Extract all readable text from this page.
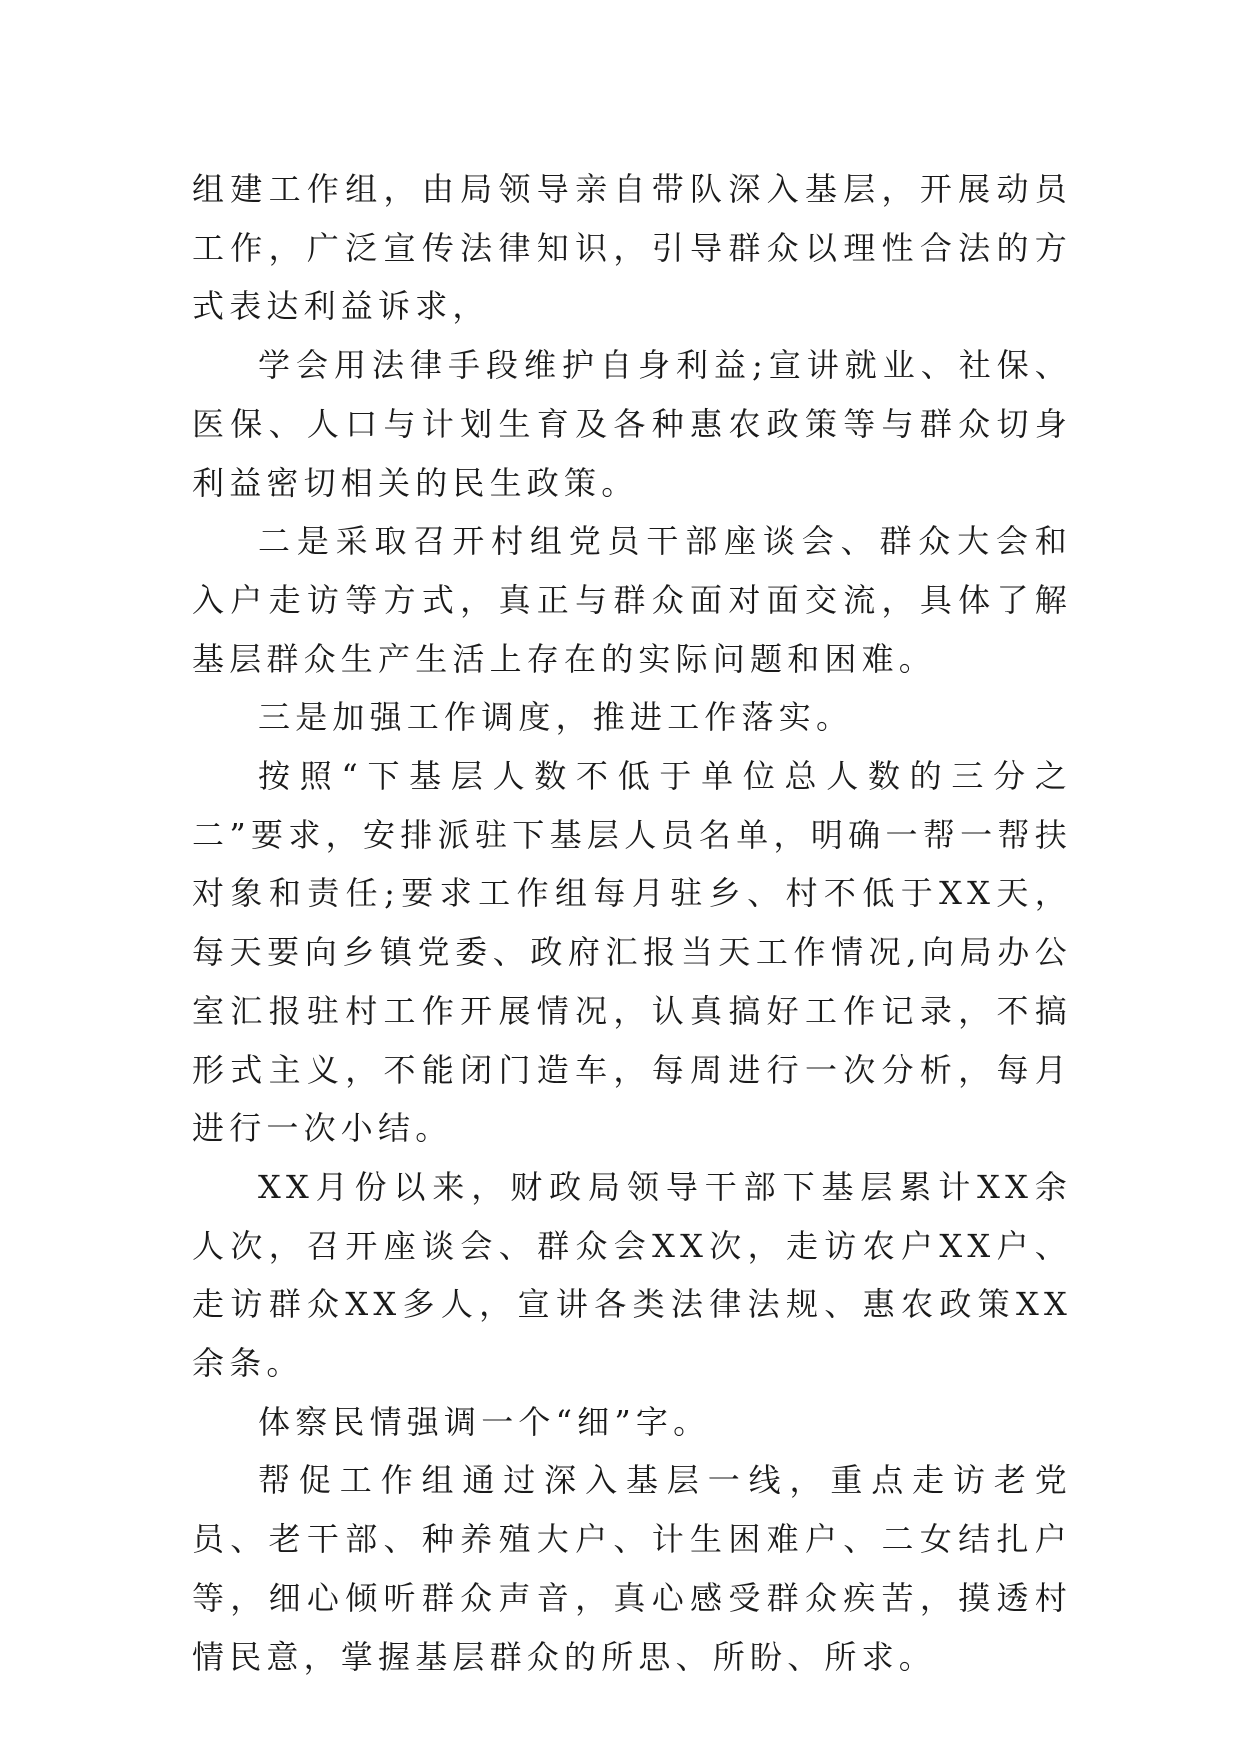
组建工作组，由局领导亲自带队深入基层，开展动员工作，广泛宣传法律知识，引导群众以理性合法的方式表达利益诉求，

学会用法律手段维护自身利益;宣讲就业、社保、医保、人口与计划生育及各种惠农政策等与群众切身利益密切相关的民生政策。

二是采取召开村组党员干部座谈会、群众大会和入户走访等方式，真正与群众面对面交流，具体了解基层群众生产生活上存在的实际问题和困难。

三是加强工作调度，推进工作落实。

按照“下基层人数不低于单位总人数的三分之二”要求，安排派驻下基层人员名单，明确一帮一帮扶对象和责任;要求工作组每月驻乡、村不低于XX天，每天要向乡镇党委、政府汇报当天工作情况,向局办公室汇报驻村工作开展情况，认真搞好工作记录，不搞形式主义，不能闭门造车，每周进行一次分析，每月进行一次小结。

XX月份以来，财政局领导干部下基层累计XX余人次，召开座谈会、群众会XX次，走访农户XX户、走访群众XX多人，宣讲各类法律法规、惠农政策XX余条。

体察民情强调一个“细”字。

帮促工作组通过深入基层一线，重点走访老党员、老干部、种养殖大户、计生困难户、二女结扎户等，细心倾听群众声音，真心感受群众疾苦，摸透村情民意，掌握基层群众的所思、所盼、所求。
